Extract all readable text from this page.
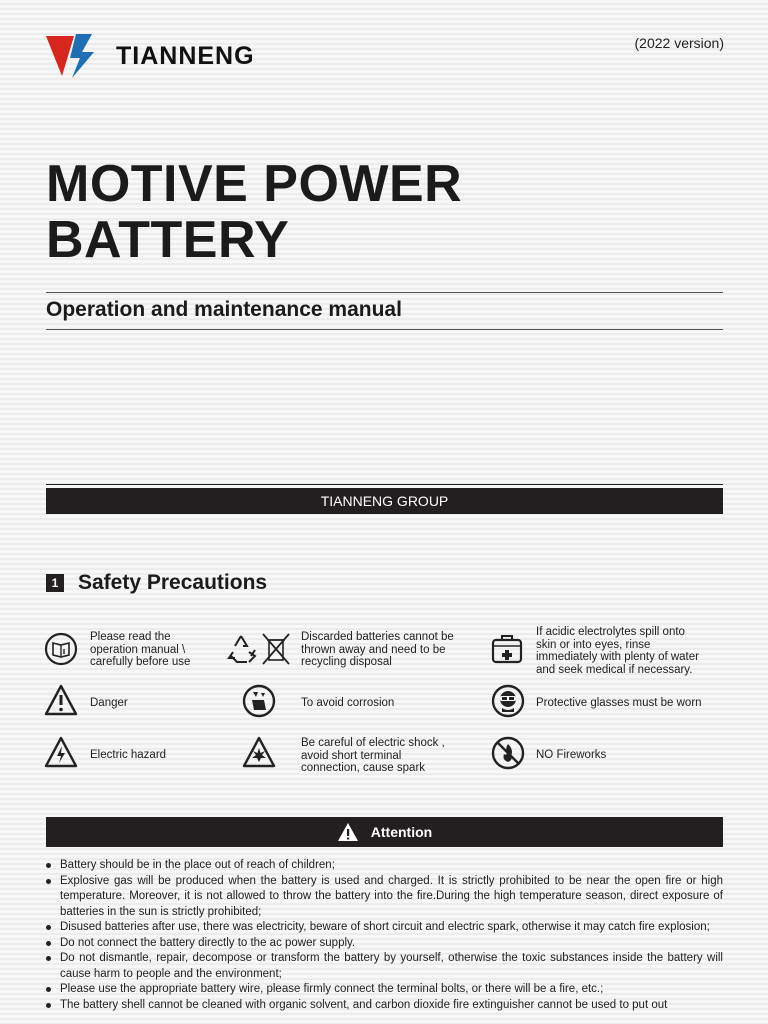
TIANNENG	(2022 version)
MOTIVE POWER
BATTERY
Operation and maintenance manual
TIANNENG GROUP
1 Safety Precautions
Please read the
operation manual \
carefully before use
Discarded batteries cannot be
thrown away and need to be
recycling disposal
If acidic electrolytes spill onto
skin or into eyes, rinse
immediately with plenty of water
and seek medical if necessary.
Danger	To avoid corrosion	Protective glasses must be worn
Electric hazard
Be careful of electric shock ,
avoid short terminal
connection, cause spark
NO Fireworks
Attention
Battery should be in the place out of reach of children;
Explosive gas will be produced when the battery is used and charged. It is strictly prohibited to be near the open fire or high temperature. Moreover, it is not allowed to throw the battery into the fire.During the high temperature season, direct exposure of batteries in the sun is strictly prohibited;
Disused batteries after use, there was electricity, beware of short circuit and electric spark, otherwise it may catch fire explosion;
Do not connect the battery directly to the ac power supply.
Do not dismantle, repair, decompose or transform the battery by yourself, otherwise the toxic substances inside the battery will cause harm to people and the environment;
Please use the appropriate battery wire, please firmly connect the terminal bolts, or there will be a fire, etc.;
The battery shell cannot be cleaned with organic solvent, and carbon dioxide fire extinguisher cannot be used to put out
